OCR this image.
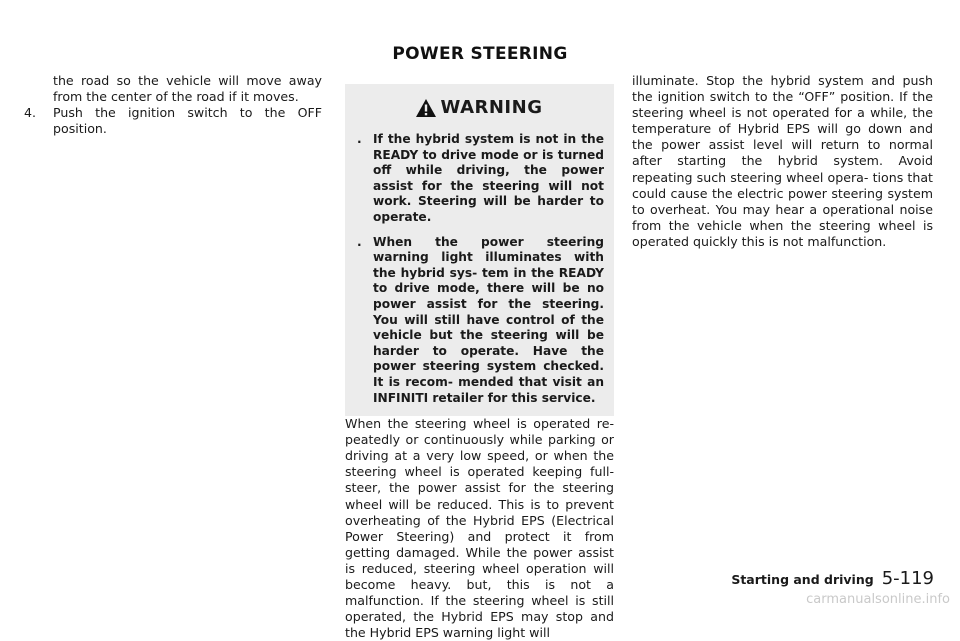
POWER STEERING

the road so the vehicle will move away from the center of the road if it moves.

4.	Push the ignition switch to the OFF position.
WARNING
. If the hybrid system is not in the READY to drive mode or is turned off while driving, the power assist for the steering will not work. Steering will be harder to operate.
. When the power steering warning light illuminates with the hybrid sys- tem in the READY to drive mode, there will be no power assist for the steering. You will still have control of the vehicle but the steering will be harder to operate. Have the power steering system checked. It is recom- mended that visit an INFINITI retailer for this service.

When the steering wheel is operated re- peatedly or continuously while parking or driving at a very low speed, or when the steering wheel is operated keeping full- steer, the power assist for the steering wheel will be reduced. This is to prevent overheating of the Hybrid EPS (Electrical Power Steering) and protect it from getting damaged. While the power assist is reduced, steering wheel operation will become heavy. but, this is not a malfunction. If the steering wheel is still operated, the Hybrid EPS may stop and the Hybrid EPS warning light will

illuminate. Stop the hybrid system and push the ignition switch to the “OFF” position. If the steering wheel is not operated for a while, the temperature of Hybrid EPS will go down and the power assist level will return to normal after starting the hybrid system. Avoid repeating such steering wheel opera- tions that could cause the electric power steering system to overheat. You may hear a operational noise from the vehicle when the steering wheel is operated quickly this is not malfunction.

Starting and driving 5-119
carmanualsonline.info
